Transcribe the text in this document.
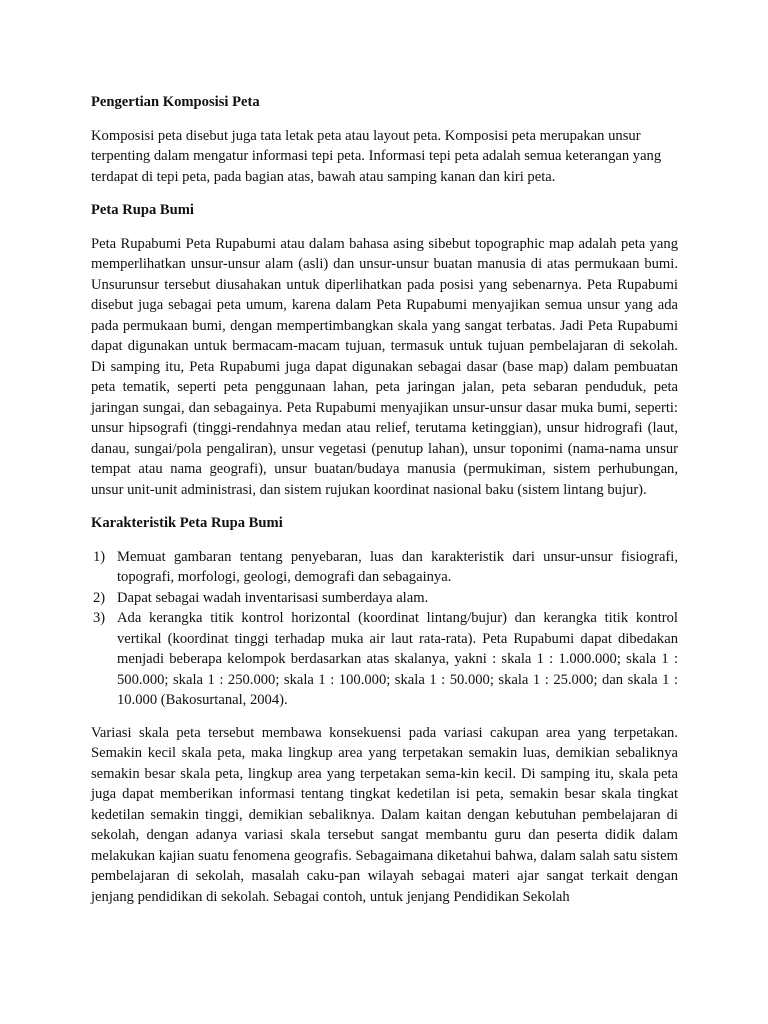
Pengertian Komposisi Peta

Komposisi peta disebut juga tata letak peta atau layout peta. Komposisi peta merupakan unsur terpenting dalam mengatur informasi tepi peta. Informasi tepi peta adalah semua keterangan yang terdapat di tepi peta, pada bagian atas, bawah atau samping kanan dan kiri peta.

Peta Rupa Bumi

Peta Rupabumi Peta Rupabumi atau dalam bahasa asing sibebut topographic map adalah peta yang memperlihatkan unsur-unsur alam (asli) dan unsur-unsur buatan manusia di atas permukaan bumi. Unsurunsur tersebut diusahakan untuk diperlihatkan pada posisi yang sebenarnya. Peta Rupabumi disebut juga sebagai peta umum, karena dalam Peta Rupabumi menyajikan semua unsur yang ada pada permukaan bumi, dengan mempertimbangkan skala yang sangat terbatas. Jadi Peta Rupabumi dapat digunakan untuk bermacam-macam tujuan, termasuk untuk tujuan pembelajaran di sekolah. Di samping itu, Peta Rupabumi juga dapat digunakan sebagai dasar (base map) dalam pembuatan peta tematik, seperti peta penggunaan lahan, peta jaringan jalan, peta sebaran penduduk, peta jaringan sungai, dan sebagainya. Peta Rupabumi menyajikan unsur-unsur dasar muka bumi, seperti: unsur hipsografi (tinggi-rendahnya medan atau relief, terutama ketinggian), unsur hidrografi (laut, danau, sungai/pola pengaliran), unsur vegetasi (penutup lahan), unsur toponimi (nama-nama unsur tempat atau nama geografi), unsur buatan/budaya manusia (permukiman, sistem perhubungan, unsur unit-unit administrasi, dan sistem rujukan koordinat nasional baku (sistem lintang bujur).

Karakteristik Peta Rupa Bumi
1) Memuat gambaran tentang penyebaran, luas dan karakteristik dari unsur-unsur fisiografi, topografi, morfologi, geologi, demografi dan sebagainya.
2) Dapat sebagai wadah inventarisasi sumberdaya alam.
3) Ada kerangka titik kontrol horizontal (koordinat lintang/bujur) dan kerangka titik kontrol vertikal (koordinat tinggi terhadap muka air laut rata-rata). Peta Rupabumi dapat dibedakan menjadi beberapa kelompok berdasarkan atas skalanya, yakni : skala 1 : 1.000.000; skala 1 : 500.000; skala 1 : 250.000; skala 1 : 100.000; skala 1 : 50.000; skala 1 : 25.000; dan skala 1 : 10.000 (Bakosurtanal, 2004).

Variasi skala peta tersebut membawa konsekuensi pada variasi cakupan area yang terpetakan. Semakin kecil skala peta, maka lingkup area yang terpetakan semakin luas, demikian sebaliknya semakin besar skala peta, lingkup area yang terpetakan sema-kin kecil. Di samping itu, skala peta juga dapat memberikan informasi tentang tingkat kedetilan isi peta, semakin besar skala tingkat kedetilan semakin tinggi, demikian sebaliknya. Dalam kaitan dengan kebutuhan pembelajaran di sekolah, dengan adanya variasi skala tersebut sangat membantu guru dan peserta didik dalam melakukan kajian suatu fenomena geografis. Sebagaimana diketahui bahwa, dalam salah satu sistem pembelajaran di sekolah, masalah caku-pan wilayah sebagai materi ajar sangat terkait dengan jenjang pendidikan di sekolah. Sebagai contoh, untuk jenjang Pendidikan Sekolah
